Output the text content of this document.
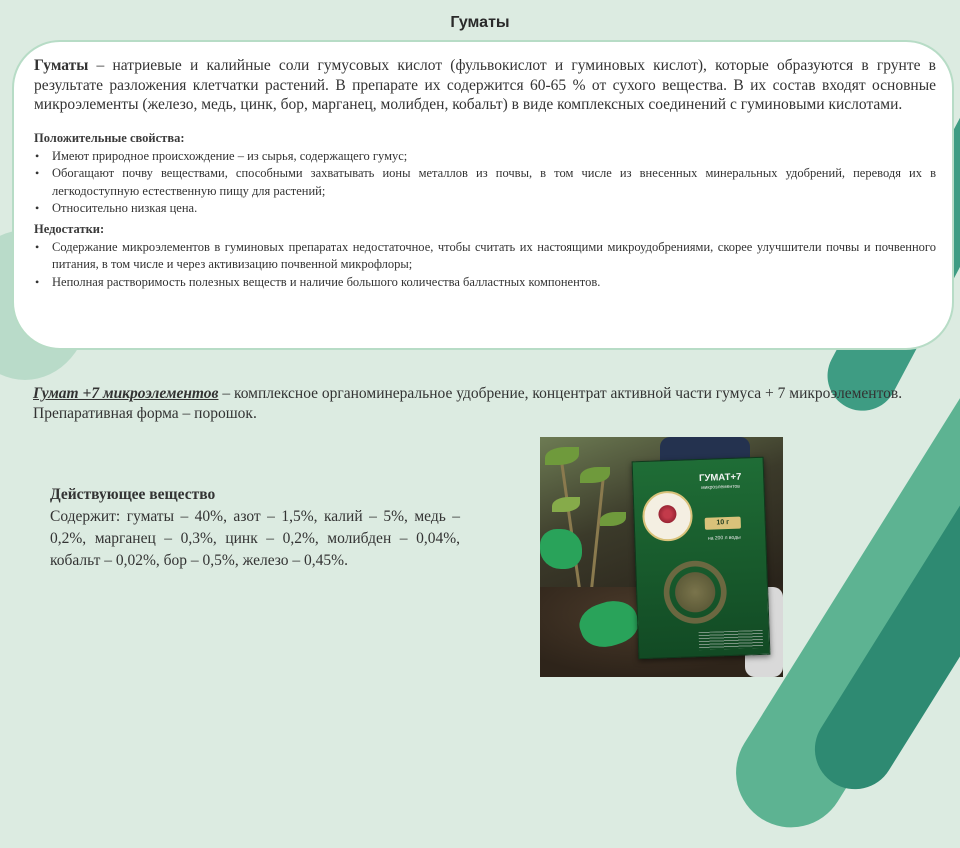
Гуматы

Гуматы – натриевые и калийные соли гумусовых кислот (фульвокислот и гуминовых кислот), которые образуются в грунте в результате разложения клетчатки растений. В препарате их содержится 60-65 % от сухого вещества. В их состав входят основные микроэлементы (железо, медь, цинк, бор, марганец, молибден, кобальт) в виде комплексных соединений с гуминовыми кислотами.

Положительные свойства:
• Имеют природное происхождение – из сырья, содержащего гумус;
• Обогащают почву веществами, способными захватывать ионы металлов из почвы, в том числе из внесенных минеральных удобрений, переводя их в легкодоступную естественную пищу для растений;
• Относительно низкая цена.
Недостатки:
• Содержание микроэлементов в гуминовых препаратах недостаточное, чтобы считать их настоящими микроудобрениями, скорее улучшители почвы и почвенного питания, в том числе и через активизацию почвенной микрофлоры;
• Неполная растворимость полезных веществ и наличие большого количества балластных компонентов.
Гумат +7 микроэлементов – комплексное органоминеральное удобрение, концентрат активной части гумуса + 7 микроэлементов.
Препаративная форма – порошок.
Действующее вещество
Содержит: гуматы – 40%, азот – 1,5%, калий – 5%, медь – 0,2%, марганец – 0,3%, цинк – 0,2%, молибден – 0,04%, кобальт – 0,02%, бор – 0,5%, железо – 0,45%.
ГУМАТ+7
микроэлементов
10 г
на 200 л воды
